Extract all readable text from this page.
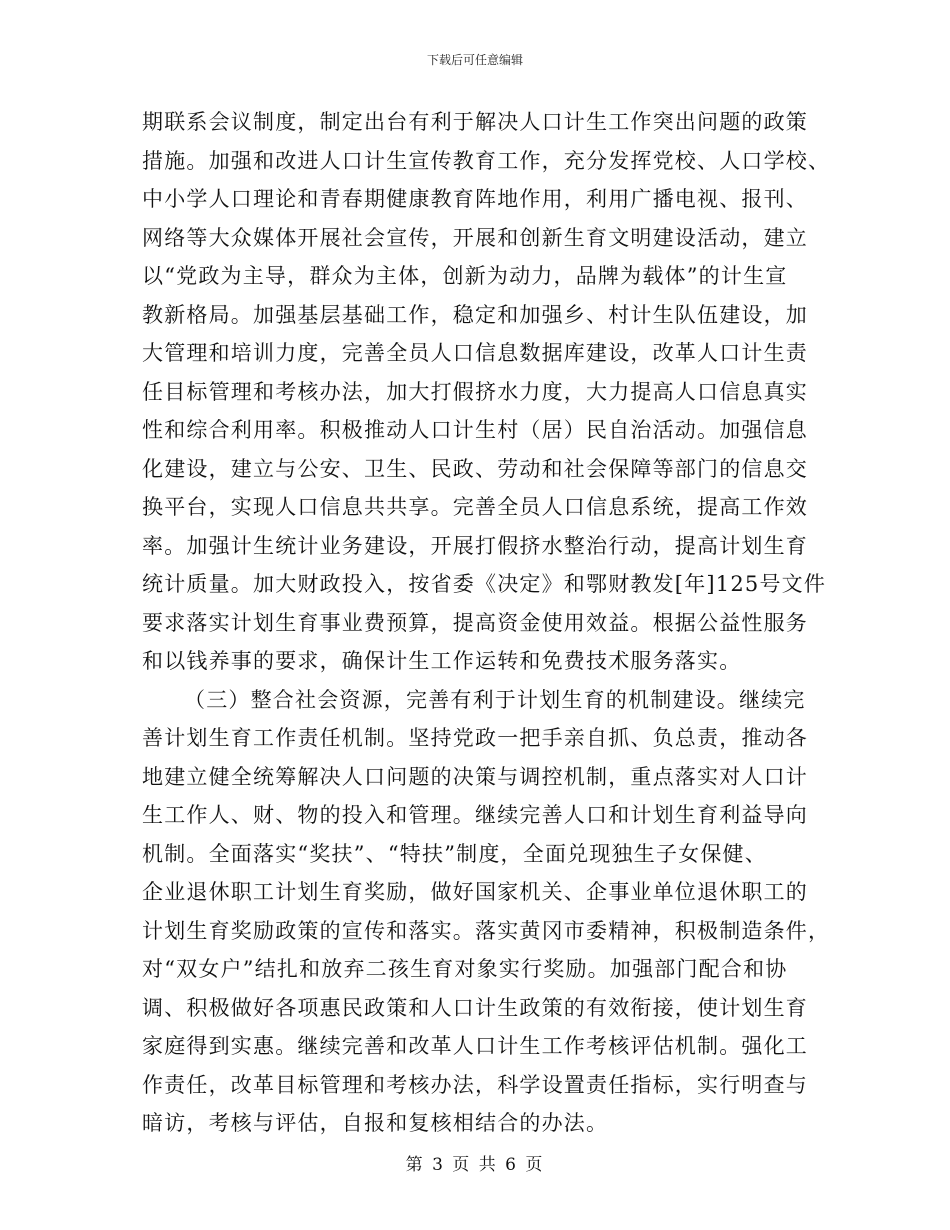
下载后可任意编辑
期联系会议制度，制定出台有利于解决人口计生工作突出问题的政策
措施。加强和改进人口计生宣传教育工作，充分发挥党校、人口学校、
中小学人口理论和青春期健康教育阵地作用，利用广播电视、报刊、
网络等大众媒体开展社会宣传，开展和创新生育文明建设活动，建立
以“党政为主导，群众为主体，创新为动力，品牌为载体”的计生宣
教新格局。加强基层基础工作，稳定和加强乡、村计生队伍建设，加
大管理和培训力度，完善全员人口信息数据库建设，改革人口计生责
任目标管理和考核办法，加大打假挤水力度，大力提高人口信息真实
性和综合利用率。积极推动人口计生村（居）民自治活动。加强信息
化建设，建立与公安、卫生、民政、劳动和社会保障等部门的信息交
换平台，实现人口信息共共享。完善全员人口信息系统，提高工作效
率。加强计生统计业务建设，开展打假挤水整治行动，提高计划生育
统计质量。加大财政投入，按省委《决定》和鄂财教发[年]125号文件
要求落实计划生育事业费预算，提高资金使用效益。根据公益性服务
和以钱养事的要求，确保计生工作运转和免费技术服务落实。
（三）整合社会资源，完善有利于计划生育的机制建设。继续完
善计划生育工作责任机制。坚持党政一把手亲自抓、负总责，推动各
地建立健全统筹解决人口问题的决策与调控机制，重点落实对人口计
生工作人、财、物的投入和管理。继续完善人口和计划生育利益导向
机制。全面落实“奖扶”、“特扶”制度，全面兑现独生子女保健、
企业退休职工计划生育奖励，做好国家机关、企事业单位退休职工的
计划生育奖励政策的宣传和落实。落实黄冈市委精神，积极制造条件，
对“双女户”结扎和放弃二孩生育对象实行奖励。加强部门配合和协
调、积极做好各项惠民政策和人口计生政策的有效衔接，使计划生育
家庭得到实惠。继续完善和改革人口计生工作考核评估机制。强化工
作责任，改革目标管理和考核办法，科学设置责任指标，实行明查与
暗访，考核与评估，自报和复核相结合的办法。
第 3 页 共 6 页
